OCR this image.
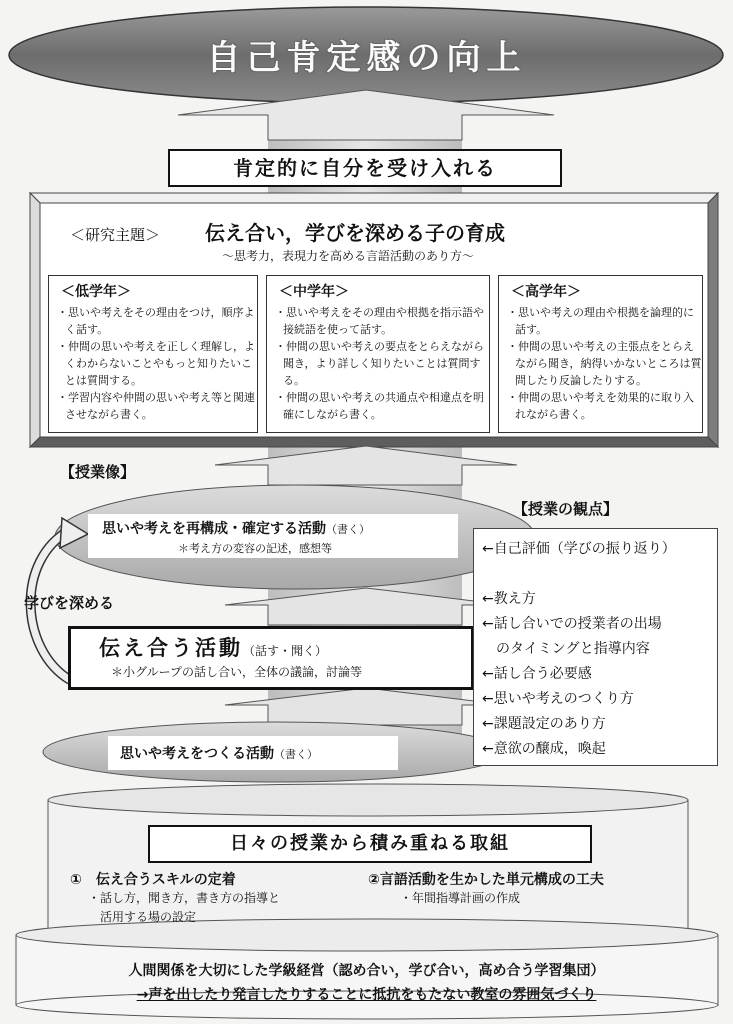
自己肯定感の向上
肯定的に自分を受け入れる
＜研究主題＞ 伝え合い，学びを深める子の育成
～思考力，表現力を高める言語活動のあり方～
＜低学年＞
・思いや考えをその理由をつけ，順序よく話す。
・仲間の思いや考えを正しく理解し，よくわからないことやもっと知りたいことは質問する。
・学習内容や仲間の思いや考え等と関連させながら書く。
＜中学年＞
・思いや考えをその理由や根拠を指示語や接続語を使って話す。
・仲間の思いや考えの要点をとらえながら聞き，より詳しく知りたいことは質問する。
・仲間の思いや考えの共通点や相違点を明確にしながら書く。
＜高学年＞
・思いや考えの理由や根拠を論理的に話す。
・仲間の思いや考えの主張点をとらえながら聞き，納得いかないところは質問したり反論したりする。
・仲間の思いや考えを効果的に取り入れながら書く。
【授業像】
思いや考えを再構成・確定する活動（書く）
＊考え方の変容の記述，感想等
学びを深める
伝え合う活動（話す・聞く）
＊小グループの話し合い，全体の議論，討論等
思いや考えをつくる活動（書く）
【授業の観点】
←自己評価（学びの振り返り）

←教え方
←話し合いでの授業者の出場
　のタイミングと指導内容
←話し合う必要感
←思いや考えのつくり方
←課題設定のあり方
←意欲の醸成，喚起
日々の授業から積み重ねる取組
①　伝え合うスキルの定着
・話し方，聞き方，書き方の指導と
　活用する場の設定
②言語活動を生かした単元構成の工夫
・年間指導計画の作成
人間関係を大切にした学級経営（認め合い，学び合い，高め合う学習集団）
→声を出したり発言したりすることに抵抗をもたない教室の雰囲気づくり
